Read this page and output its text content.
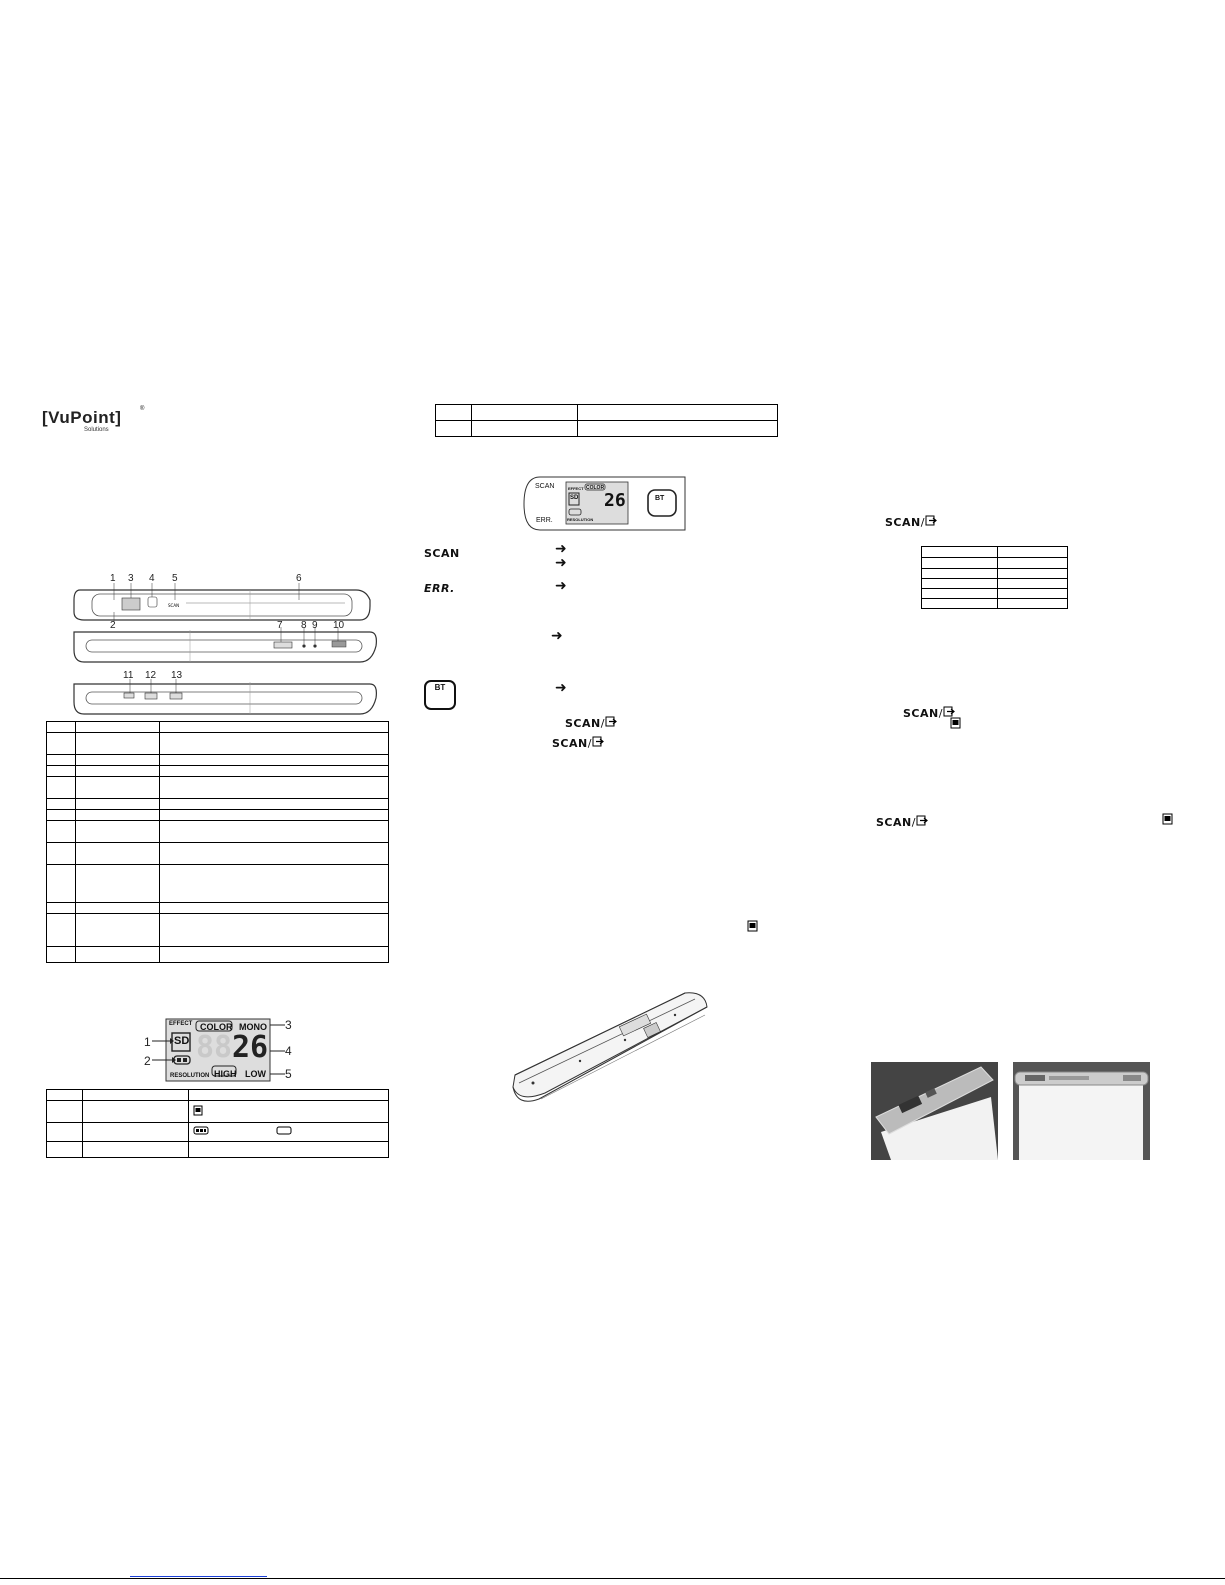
[VuPoint]	®
Solutions
SCAN
1 3 4 5	6
2	7 8 9 10
11 12 13

EFFECT COLOR MONO
SD 88 26
RESOLUTION HIGH LOW
1
2
3
4
5

SCAN
ERR.
EFFECT COLOR
SD 26
RESOLUTION
BT
SCAN	➜
➜
ERR.	➜
➜
BT	➜
SCAN/
SCAN/
SCAN/

SCAN/
SCAN/
